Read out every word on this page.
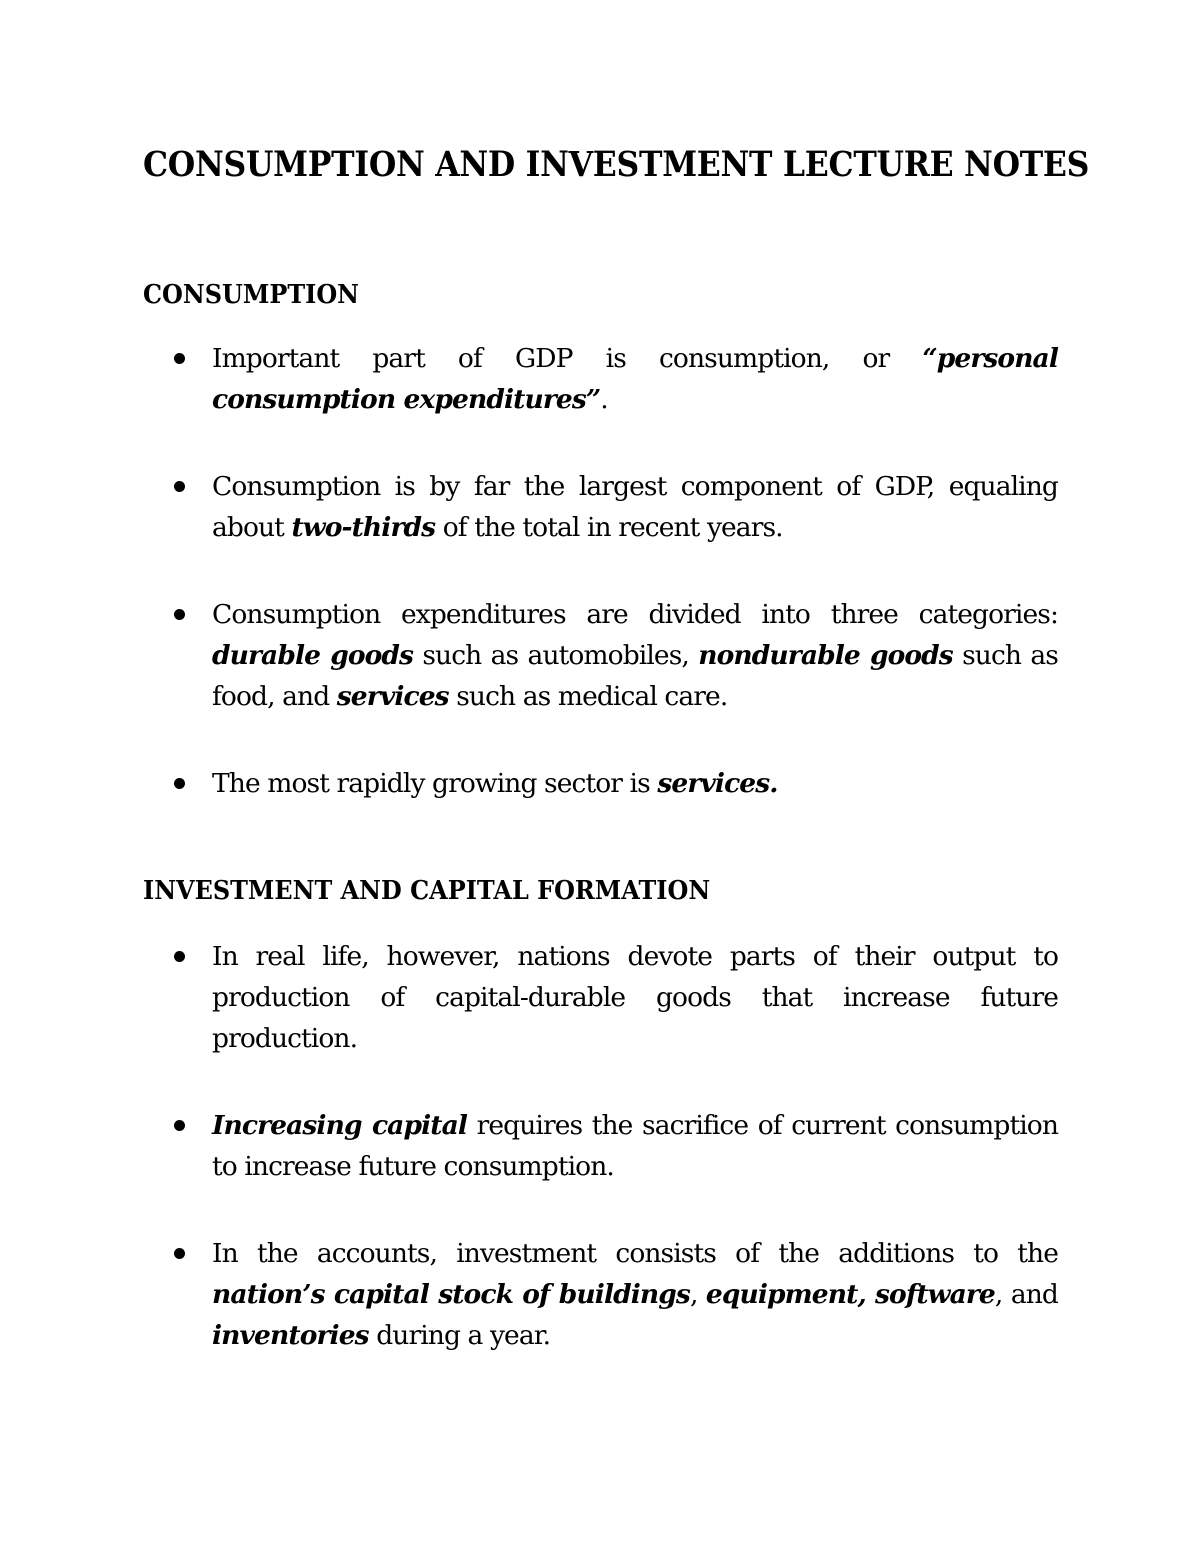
CONSUMPTION AND INVESTMENT LECTURE NOTES
CONSUMPTION
Important part of GDP is consumption, or “personal consumption expenditures”.
Consumption is by far the largest component of GDP, equaling about two-thirds of the total in recent years.
Consumption expenditures are divided into three categories: durable goods such as automobiles, nondurable goods such as food, and services such as medical care.
The most rapidly growing sector is services.
INVESTMENT AND CAPITAL FORMATION
In real life, however, nations devote parts of their output to production of capital-durable goods that increase future production.
Increasing capital requires the sacrifice of current consumption to increase future consumption.
In the accounts, investment consists of the additions to the nation’s capital stock of buildings, equipment, software, and inventories during a year.
